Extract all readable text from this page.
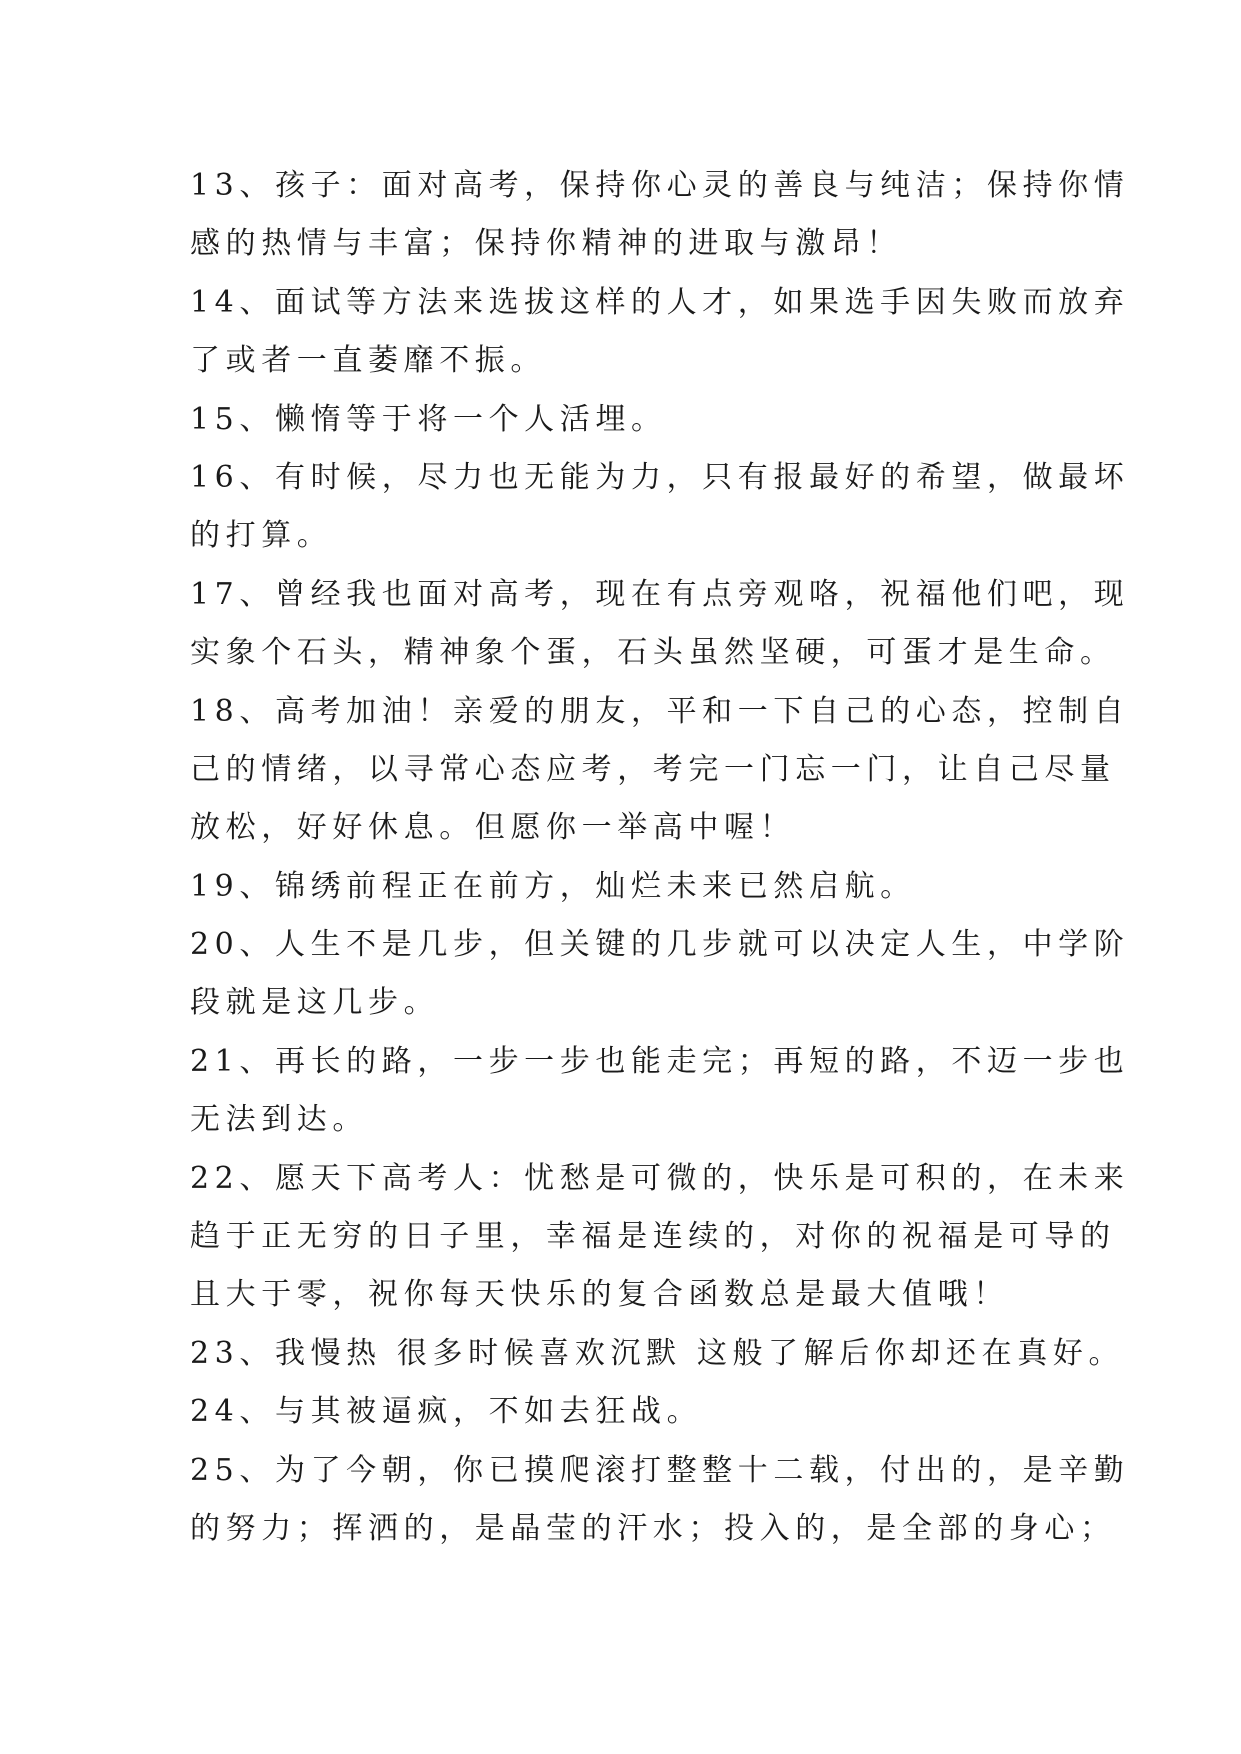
13、孩子：面对高考，保持你心灵的善良与纯洁；保持你情
感的热情与丰富；保持你精神的进取与激昂！
14、面试等方法来选拔这样的人才，如果选手因失败而放弃
了或者一直萎靡不振。
15、懒惰等于将一个人活埋。
16、有时候，尽力也无能为力，只有报最好的希望，做最坏
的打算。
17、曾经我也面对高考，现在有点旁观咯，祝福他们吧，现
实象个石头，精神象个蛋，石头虽然坚硬，可蛋才是生命。
18、高考加油！亲爱的朋友，平和一下自己的心态，控制自
己的情绪，以寻常心态应考，考完一门忘一门，让自己尽量
放松，好好休息。但愿你一举高中喔！
19、锦绣前程正在前方，灿烂未来已然启航。
20、人生不是几步，但关键的几步就可以决定人生，中学阶
段就是这几步。
21、再长的路，一步一步也能走完；再短的路，不迈一步也
无法到达。
22、愿天下高考人：忧愁是可微的，快乐是可积的，在未来
趋于正无穷的日子里，幸福是连续的，对你的祝福是可导的
且大于零，祝你每天快乐的复合函数总是最大值哦！
23、我慢热 很多时候喜欢沉默 这般了解后你却还在真好。
24、与其被逼疯，不如去狂战。
25、为了今朝，你已摸爬滚打整整十二载，付出的，是辛勤
的努力；挥洒的，是晶莹的汗水；投入的，是全部的身心；
